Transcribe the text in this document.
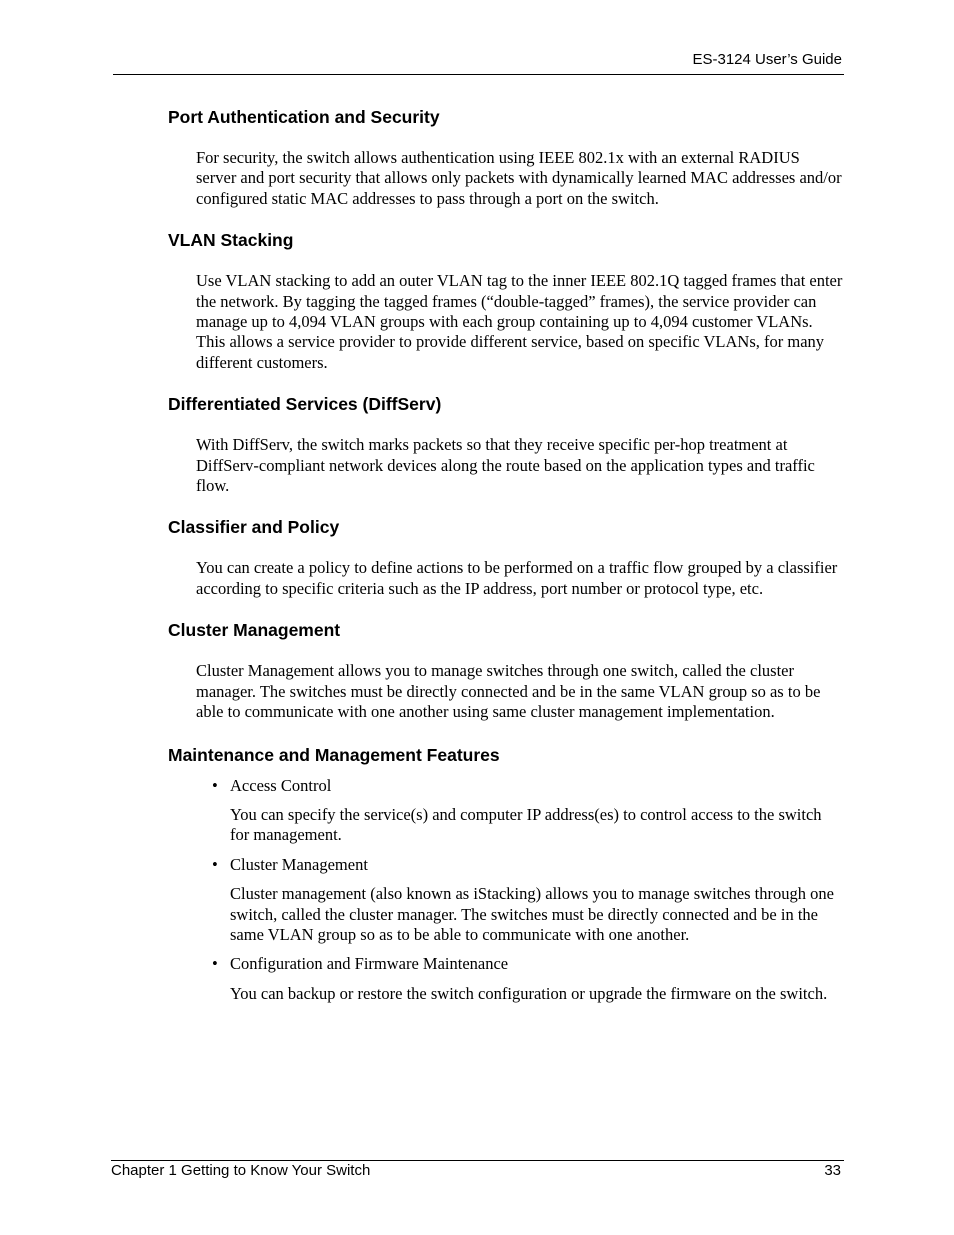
ES-3124 User’s Guide
Port Authentication and Security

For security, the switch allows authentication using IEEE 802.1x with an external RADIUS server and port security that allows only packets with dynamically learned MAC addresses and/or configured static MAC addresses to pass through a port on the switch.

VLAN Stacking

Use VLAN stacking to add an outer VLAN tag to the inner IEEE 802.1Q tagged frames that enter the network. By tagging the tagged frames (“double-tagged” frames), the service provider can manage up to 4,094 VLAN groups with each group containing up to 4,094 customer VLANs. This allows a service provider to provide different service, based on specific VLANs, for many different customers.

Differentiated Services (DiffServ)

With DiffServ, the switch marks packets so that they receive specific per-hop treatment at DiffServ-compliant network devices along the route based on the application types and traffic flow.

Classifier and Policy

You can create a policy to define actions to be performed on a traffic flow grouped by a classifier according to specific criteria such as the IP address, port number or protocol type, etc.

Cluster Management

Cluster Management allows you to manage switches through one switch, called the cluster manager. The switches must be directly connected and be in the same VLAN group so as to be able to communicate with one another using same cluster management implementation.

Maintenance and Management Features
• Access Control

You can specify the service(s) and computer IP address(es) to control access to the switch for management.

• Cluster Management

Cluster management (also known as iStacking) allows you to manage switches through one switch, called the cluster manager. The switches must be directly connected and be in the same VLAN group so as to be able to communicate with one another.

• Configuration and Firmware Maintenance

You can backup or restore the switch configuration or upgrade the firmware on the switch.

Chapter 1 Getting to Know Your Switch	33
